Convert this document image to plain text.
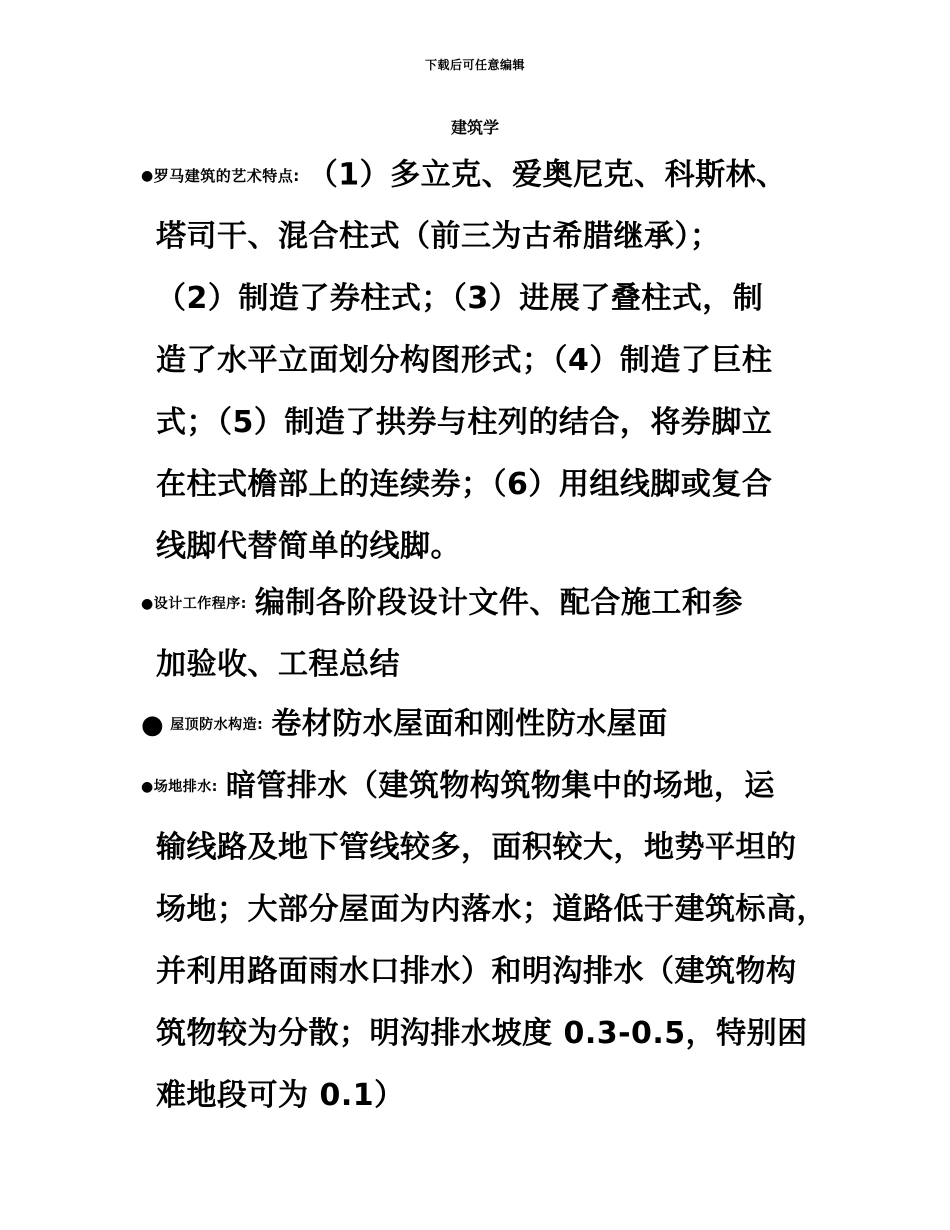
下载后可任意编辑
建筑学
●罗马建筑的艺术特点: （1）多立克、爱奥尼克、科斯林、
塔司干、混合柱式（前三为古希腊继承）；
（2）制造了券柱式；（3）进展了叠柱式，制
造了水平立面划分构图形式；（4）制造了巨柱
式；（5）制造了拱券与柱列的结合，将券脚立
在柱式檐部上的连续券；（6）用组线脚或复合
线脚代替简单的线脚。
●设计工作程序: 编制各阶段设计文件、配合施工和参
加验收、工程总结
● 屋顶防水构造: 卷材防水屋面和刚性防水屋面
●场地排水: 暗管排水（建筑物构筑物集中的场地，运
输线路及地下管线较多，面积较大，地势平坦的
场地；大部分屋面为内落水；道路低于建筑标高，
并利用路面雨水口排水）和明沟排水（建筑物构
筑物较为分散；明沟排水坡度 0.3-0.5，特别困
难地段可为 0.1）
